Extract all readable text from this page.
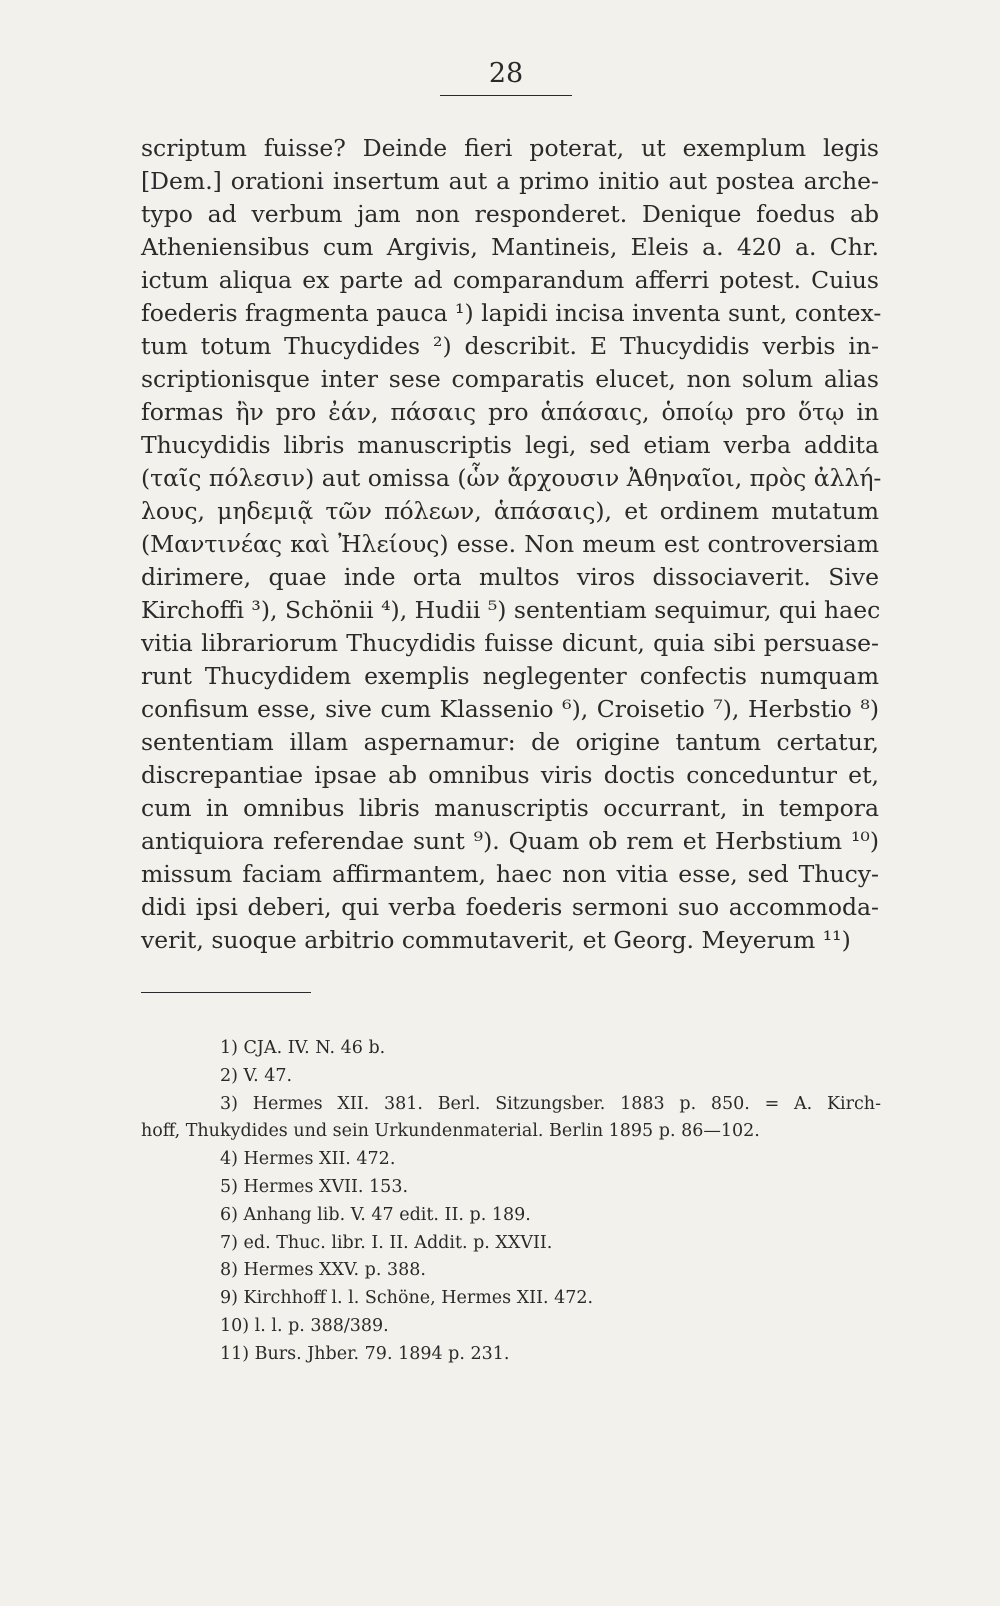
28
scriptum fuisse? Deinde fieri poterat, ut exemplum legis
[Dem.] orationi insertum aut a primo initio aut postea arche-
typo ad verbum jam non responderet. Denique foedus ab
Atheniensibus cum Argivis, Mantineis, Eleis a. 420 a. Chr.
ictum aliqua ex parte ad comparandum afferri potest. Cuius
foederis fragmenta pauca ¹) lapidi incisa inventa sunt, contex-
tum totum Thucydides ²) describit. E Thucydidis verbis in-
scriptionisque inter sese comparatis elucet, non solum alias
formas ἢν pro ἐάν, πάσαις pro ἁπάσαις, ὁποίῳ pro ὅτῳ in
Thucydidis libris manuscriptis legi, sed etiam verba addita
(ταῖς πόλεσιν) aut omissa (ὧν ἄρχουσιν Ἀθηναῖοι, πρὸς ἀλλή-
λους, μηδεμιᾷ τῶν πόλεων, ἁπάσαις), et ordinem mutatum
(Μαντινέας καὶ Ἠλείους) esse. Non meum est controversiam
dirimere, quae inde orta multos viros dissociaverit. Sive
Kirchoffi ³), Schönii ⁴), Hudii ⁵) sententiam sequimur, qui haec
vitia librariorum Thucydidis fuisse dicunt, quia sibi persuase-
runt Thucydidem exemplis neglegenter confectis numquam
confisum esse, sive cum Klassenio ⁶), Croisetio ⁷), Herbstio ⁸)
sententiam illam aspernamur: de origine tantum certatur,
discrepantiae ipsae ab omnibus viris doctis conceduntur et,
cum in omnibus libris manuscriptis occurrant, in tempora
antiquiora referendae sunt ⁹). Quam ob rem et Herbstium ¹⁰)
missum faciam affirmantem, haec non vitia esse, sed Thucy-
didi ipsi deberi, qui verba foederis sermoni suo accommoda-
verit, suoque arbitrio commutaverit, et Georg. Meyerum ¹¹)
1) CJA. IV. N. 46 b.
2) V. 47.
3) Hermes XII. 381. Berl. Sitzungsber. 1883 p. 850. = A. Kirch-
hoff, Thukydides und sein Urkundenmaterial. Berlin 1895 p. 86—102.
4) Hermes XII. 472.
5) Hermes XVII. 153.
6) Anhang lib. V. 47 edit. II. p. 189.
7) ed. Thuc. libr. I. II. Addit. p. XXVII.
8) Hermes XXV. p. 388.
9) Kirchhoff l. l. Schöne, Hermes XII. 472.
10) l. l. p. 388/389.
11) Burs. Jhber. 79. 1894 p. 231.
